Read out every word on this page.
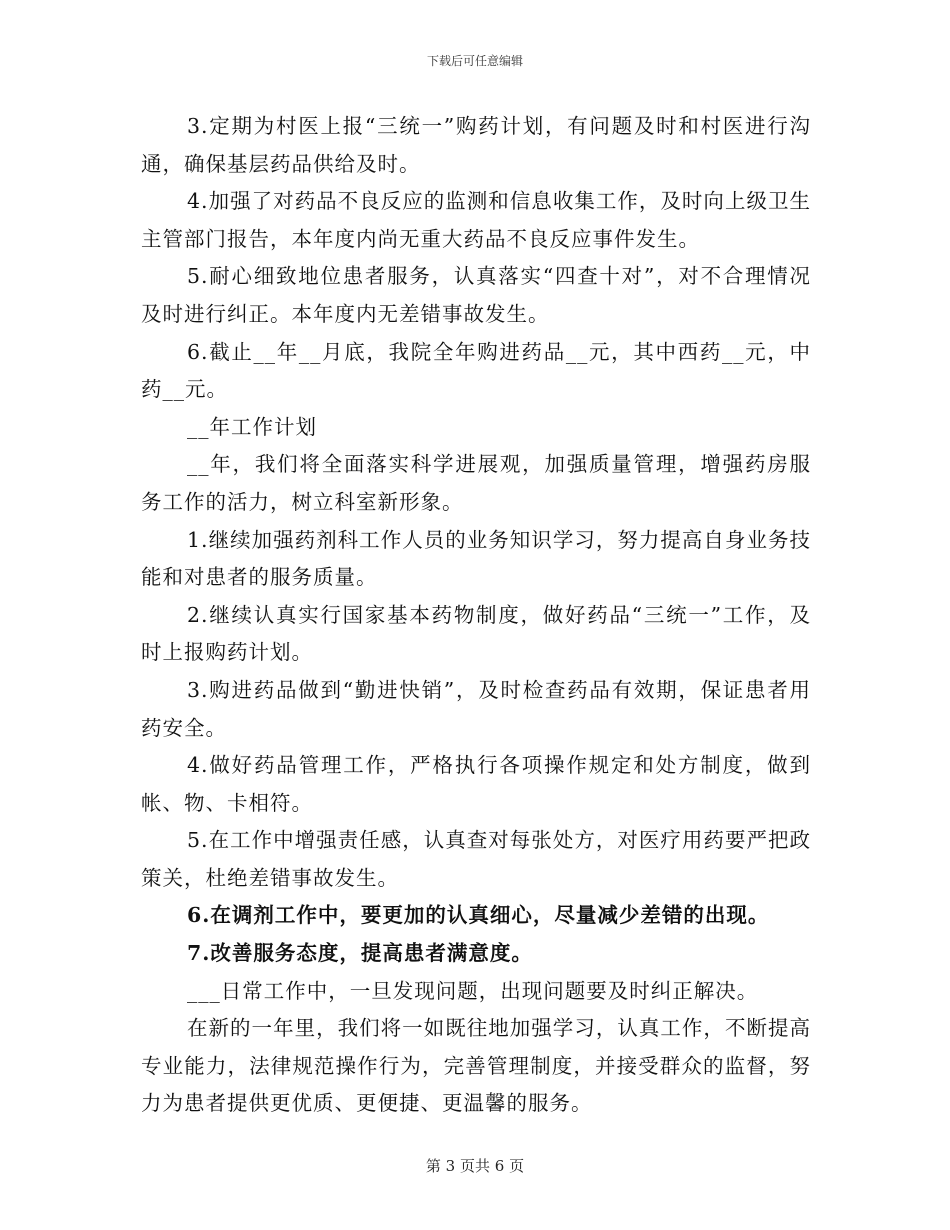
下载后可任意编辑

3.定期为村医上报“三统一”购药计划，有问题及时和村医进行沟通，确保基层药品供给及时。

4.加强了对药品不良反应的监测和信息收集工作，及时向上级卫生主管部门报告，本年度内尚无重大药品不良反应事件发生。

5.耐心细致地位患者服务，认真落实“四查十对”，对不合理情况及时进行纠正。本年度内无差错事故发生。

6.截止__年__月底，我院全年购进药品__元，其中西药__元，中药__元。

__年工作计划

__年，我们将全面落实科学进展观，加强质量管理，增强药房服务工作的活力，树立科室新形象。

1.继续加强药剂科工作人员的业务知识学习，努力提高自身业务技能和对患者的服务质量。

2.继续认真实行国家基本药物制度，做好药品“三统一”工作，及时上报购药计划。

3.购进药品做到“勤进快销”，及时检查药品有效期，保证患者用药安全。

4.做好药品管理工作，严格执行各项操作规定和处方制度，做到帐、物、卡相符。

5.在工作中增强责任感，认真查对每张处方，对医疗用药要严把政策关，杜绝差错事故发生。

6.在调剂工作中，要更加的认真细心，尽量减少差错的出现。

7.改善服务态度，提高患者满意度。

___日常工作中，一旦发现问题，出现问题要及时纠正解决。

在新的一年里，我们将一如既往地加强学习，认真工作，不断提高专业能力，法律规范操作行为，完善管理制度，并接受群众的监督，努力为患者提供更优质、更便捷、更温馨的服务。

第 3 页共 6 页
